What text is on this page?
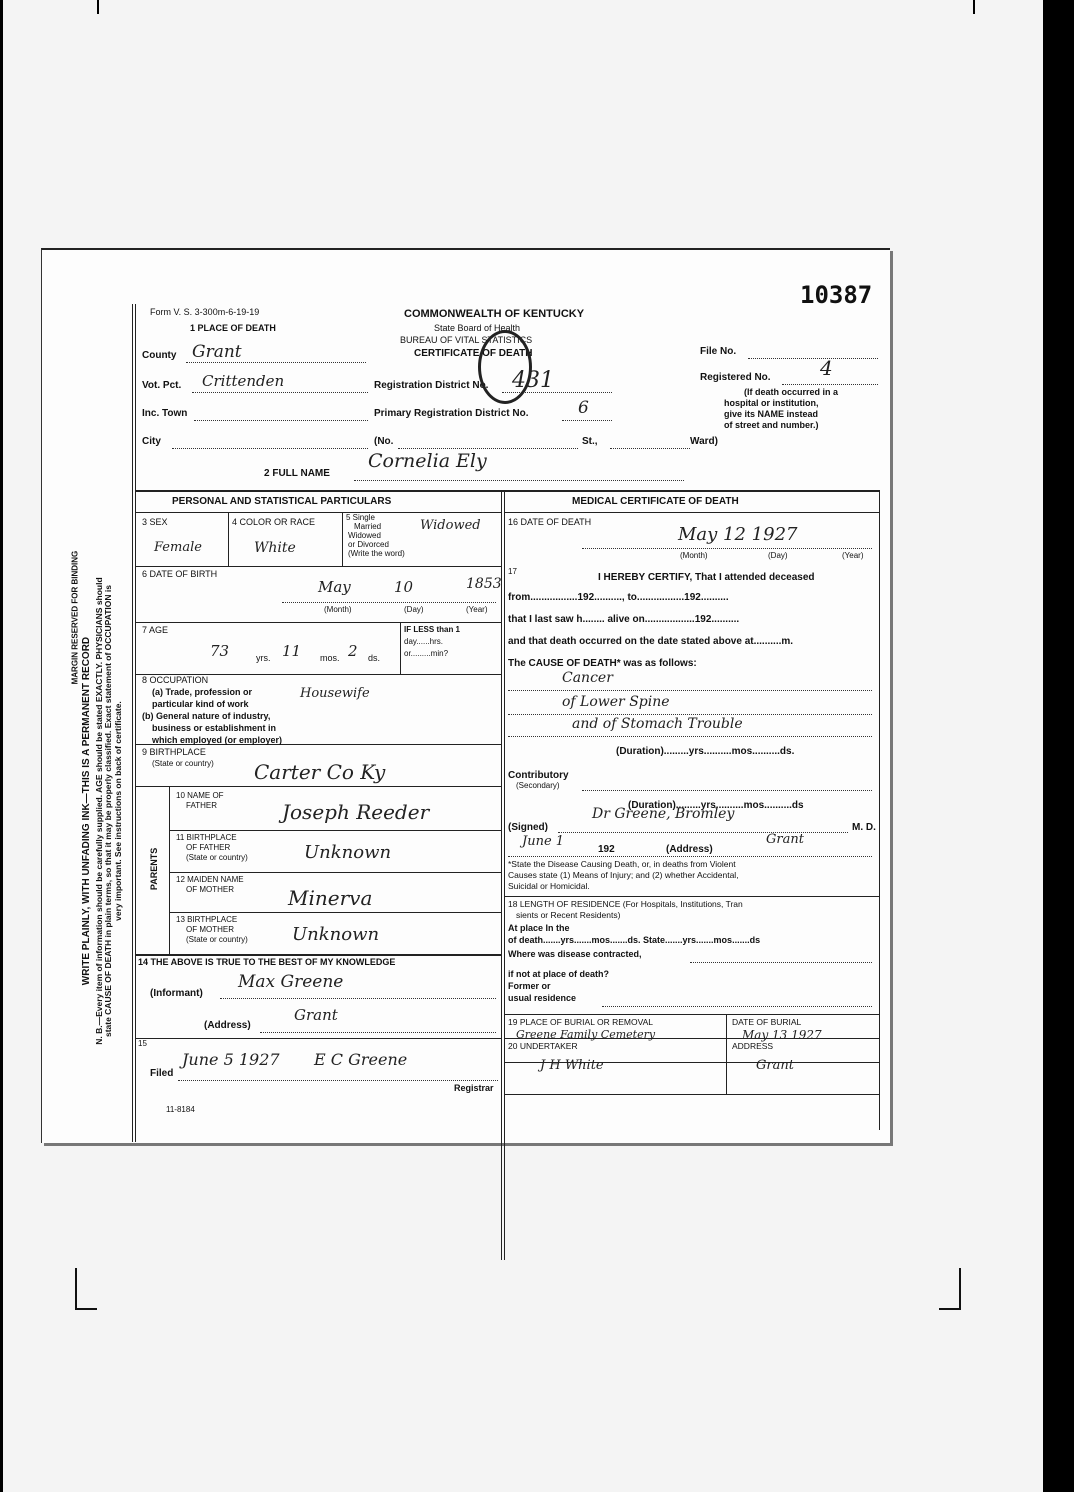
10387
MARGIN RESERVED FOR BINDING
WRITE PLAINLY, WITH UNFADING INK—THIS IS A PERMANENT RECORD N. B.—Every item of information should be carefully supplied. AGE should be stated EXACTLY. PHYSICIANS should state CAUSE OF DEATH in plain terms, so that it may be properly classified. Exact statement of OCCUPATION is very important. See instructions on back of certificate.
Form V. S. 3-300m-6-19-19
1 PLACE OF DEATH
COMMONWEALTH OF KENTUCKY
State Board of Health
BUREAU OF VITAL STATISTICS
CERTIFICATE OF DEATH
County Grant
Vot. Pct. Crittenden
Inc. Town
City
Registration District No. 431
Primary Registration District No.	6
(No.	St.,	Ward)
File No.
Registered No. 4
(If death occurred in a
hospital or institution,
give its NAME instead
of street and number.)
2 FULL NAME
Cornelia Ely
PERSONAL AND STATISTICAL PARTICULARS
3 SEX
Female
4 COLOR OR RACE
White
5 Single
Married
Widowed
or Divorced
(Write the word)
Widowed
6 DATE OF BIRTH
May	10	1853
(Month)	(Day)	(Year)
7 AGE
73	yrs. 11 mos. 2 ds.
IF LESS than 1
day......hrs.
or.........min?
8 OCCUPATION
(a) Trade, profession or
particular kind of work
Housewife
(b) General nature of industry,
business or establishment in
which employed (or employer)
9 BIRTHPLACE
(State or country) Carter Co Ky
PARENTS
10 NAME OF
FATHER	Joseph Reeder
11 BIRTHPLACE
OF FATHER
(State or country)	Unknown
12 MAIDEN NAME
OF MOTHER	Minerva
13 BIRTHPLACE
OF MOTHER
(State or country) Unknown
14 THE ABOVE IS TRUE TO THE BEST OF MY KNOWLEDGE
(Informant)
Max Greene
(Address)
Grant
15
Filed
June 5 1927 E C Greene
Registrar
11-8184
MEDICAL CERTIFICATE OF DEATH
16 DATE OF DEATH
May 12 1927
(Month)	(Day)	(Year)
17
I HEREBY CERTIFY, That I attended deceased
from.................192.........., to.................192..........
that I last saw h........ alive on..................192..........
and that death occurred on the date stated above at..........m.
The CAUSE OF DEATH* was as follows:
Cancer
of Lower Spine
and of Stomach Trouble
(Duration).........yrs..........mos..........ds.
Contributory
(Secondary)
(Duration).........yrs..........mos..........ds
(Signed)
Dr Greene, Bromley
M. D.
June 1
192	(Address)
Grant
*State the Disease Causing Death, or, in deaths from Violent
Causes state (1) Means of Injury; and (2) whether Accidental,
Suicidal or Homicidal.
18 LENGTH OF RESIDENCE (For Hospitals, Institutions, Tran
sients or Recent Residents)
At place In the
of death.......yrs.......mos.......ds. State.......yrs.......mos.......ds
Where was disease contracted,
if not at place of death?
Former or
usual residence
19 PLACE OF BURIAL OR REMOVAL
Greene Family Cemetery
DATE OF BURIAL
May 13 1927
20 UNDERTAKER
J H White
ADDRESS
Grant
